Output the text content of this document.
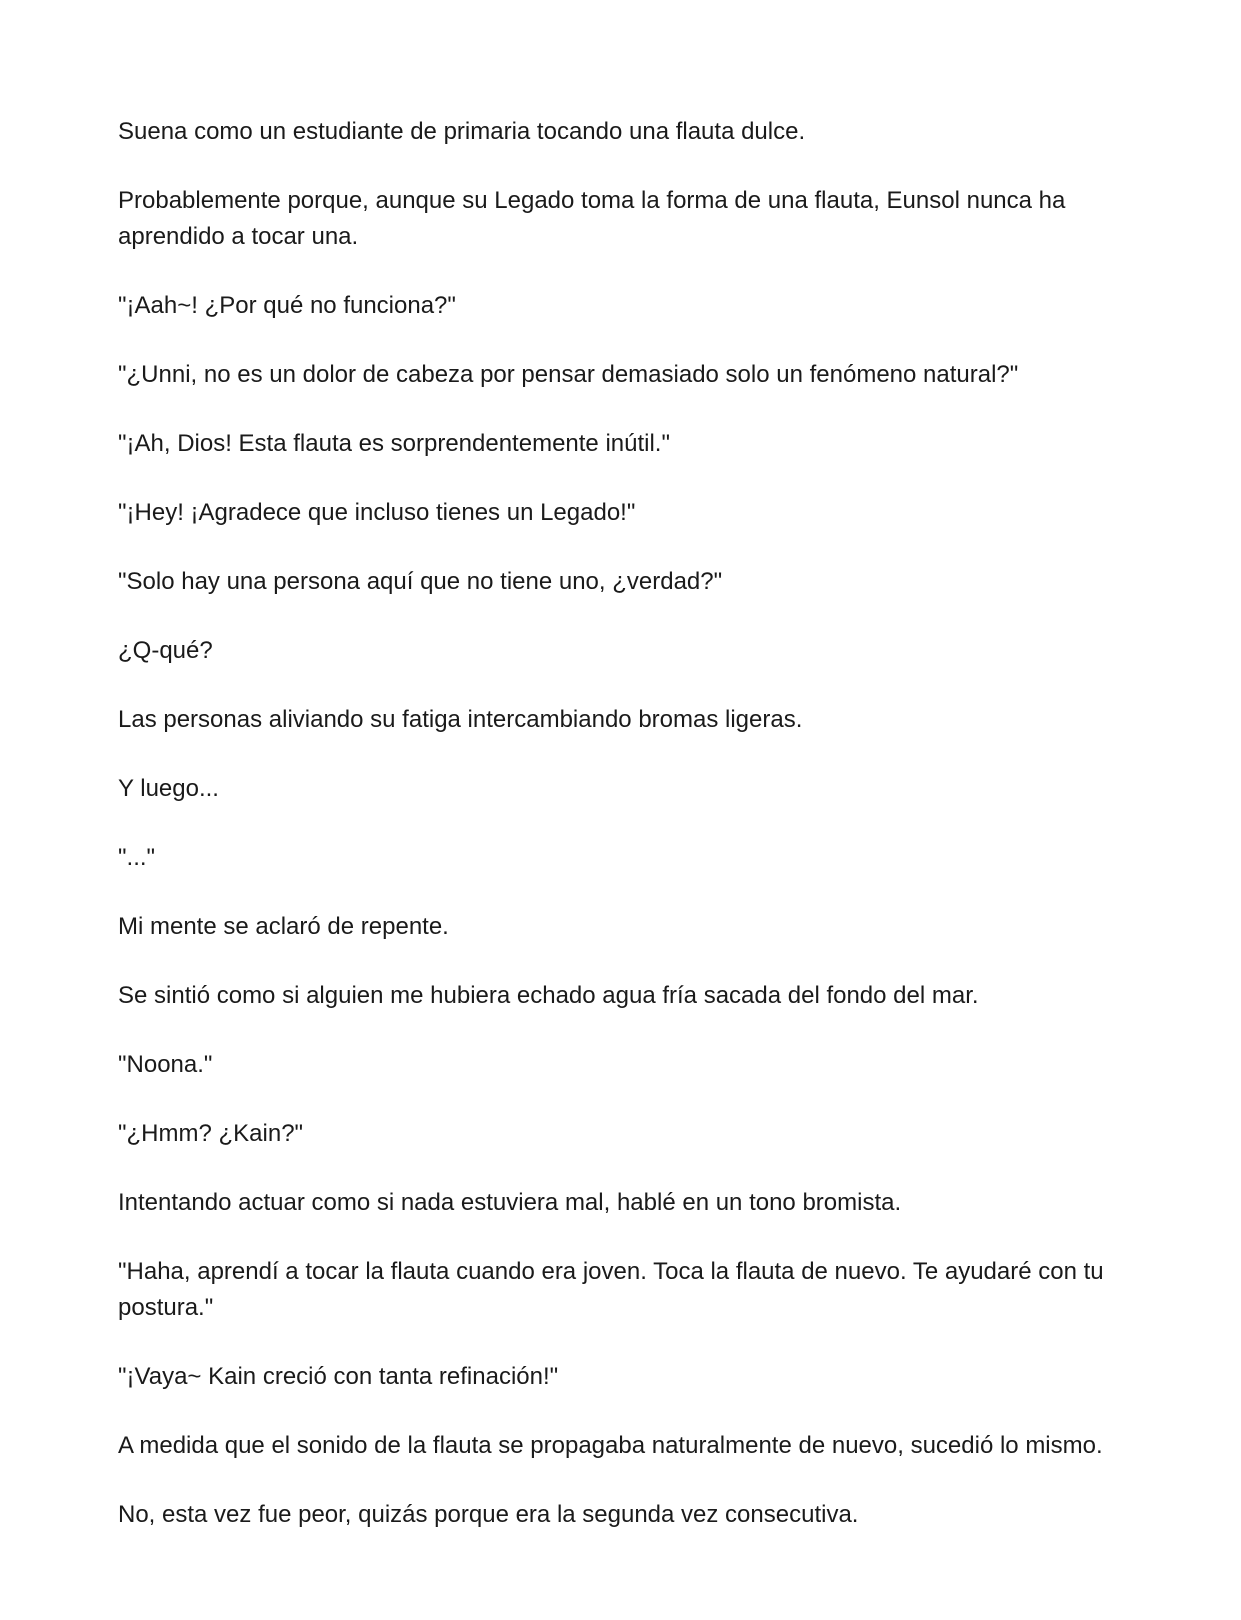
Suena como un estudiante de primaria tocando una flauta dulce.

Probablemente porque, aunque su Legado toma la forma de una flauta, Eunsol nunca ha aprendido a tocar una.

"¡Aah~! ¿Por qué no funciona?"

"¿Unni, no es un dolor de cabeza por pensar demasiado solo un fenómeno natural?"

"¡Ah, Dios! Esta flauta es sorprendentemente inútil."

"¡Hey! ¡Agradece que incluso tienes un Legado!"

"Solo hay una persona aquí que no tiene uno, ¿verdad?"

¿Q-qué?

Las personas aliviando su fatiga intercambiando bromas ligeras.

Y luego...

"..."

Mi mente se aclaró de repente.

Se sintió como si alguien me hubiera echado agua fría sacada del fondo del mar.

"Noona."

"¿Hmm? ¿Kain?"

Intentando actuar como si nada estuviera mal, hablé en un tono bromista.

"Haha, aprendí a tocar la flauta cuando era joven. Toca la flauta de nuevo. Te ayudaré con tu postura."

"¡Vaya~ Kain creció con tanta refinación!"

A medida que el sonido de la flauta se propagaba naturalmente de nuevo, sucedió lo mismo.

No, esta vez fue peor, quizás porque era la segunda vez consecutiva.
